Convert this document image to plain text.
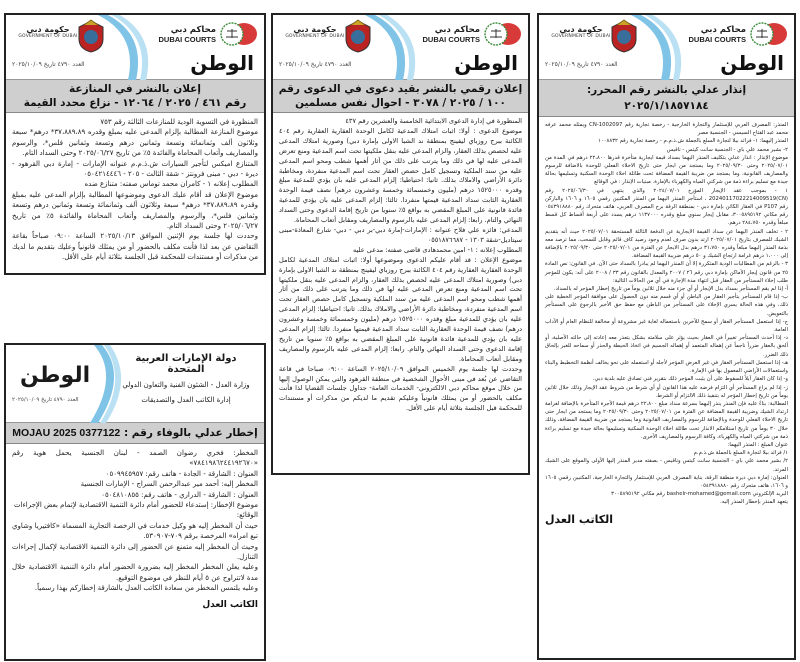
حكومة دبي
GOVERNMENT OF DUBAI
محاكم دبي
DUBAI COURTS
الوطن
العدد ٤٧٩٠ تاريخ ٢٠٢٥/١٠/٠٩
إعلان بالنشر في المنازعة
رقم ٤٦١ / ٢٠٢٥ / ١٢٠٦٤ - نزاع محدد القيمة

المنظورة في التسوية الودية للمنازعات الثالثة رقم ٧٥٣

موضوع المنازعة المطالبة بإلزام المدعى عليه بمبلغ وقدره ٣٧،٨٨٩،٨٩* درهم* سبعة وثلاثون ألف وثمانمائة وتسعة وثمانين درهم وتسعة وثمانين فلس*، والرسوم والمصاريف وأتعاب المحاماة والفائدة ٥٪ من تاريخ ٢٠٢٥/٠٦/٢٧ وحتى السداد التام.

المتنازع اميكس لتأجير السيارات ش.ذ.م.م عنوانه الإمارات - إمارة دبي القرهود - ديرة - دبي - مبنى فرونتز - شقة الثالث - ٢٠٥ - ٠٥٠٤٢١٤٤٤٦

المطلوب إعلانه ١ - كامران محمد توماس صفته: متنازع ضده

موضوع الإعلان قد أقام عليك الدعوى وموضوعها المطالبة بإلزام المدعى عليه بمبلغ وقدره ٣٧،٨٨٩،٨٩* درهم* سبعة وثلاثون ألف وثمانمائة وتسعة وثمانين درهم وتسعة وثمانين فلس*، والرسوم والمصاريف وأتعاب المحاماة والفائدة ٥٪ من تاريخ ٢٠٢٥/٠٦/٢٧ وحتى السداد التام.

وحددت لها جلسة يوم الإثنين الموافق ٢٠٢٥/١٠/١٣ الساعة ٠٩:٠٠ صباحاً بقاعة التقاضي عن بعد لذا فأنت مكلف بالحضور أو من يمثلك قانونياً وعليك بتقديم ما لديك من مذكرات أو مستندات للمحكمة قبل الجلسة بثلاثة أيام على الأقل.

الوطن
العدد ٤٧٩٠ تاريخ ٢٠٢٥/١٠/٠٩
دولة الإمارات العربية المتحدة
وزارة العدل - الشئون الفنية والتعاون الدولي
إدارة الكاتب العدل والتصديقات
إخطار عدلي بالوفاء رقم : MOJAU 2025 0377122

المخطر: فخري رضوان الصمد - لبنان الجنسية يحمل هوية رقم «٧٨٤١٩٨٦٢٤٤١٩٢٦٧٠»

العنوان : الشارقة - الجادة - هاتف رقم: ٠٥٠٩٩٤٥٩٥٧

المخطر إليه: أحمد مير عبدالرحمن السراج - الإمارات الجنسية

العنوان : الشارقة - الدراري - هاتف رقم: ٠٥٠٤٨١٠٨٥٥

موضوع الإخطار: إستدعاء للحضور أمام دائرة التنمية الاقتصادية لإتمام بعض الإجراءات

الوقائع:

حيث أن المخطر إليه هو وكيل خدمات في الرخصة التجارية المسماة «كافتيريا وشاوي تبع امراه» المرخصة برقم ٧٠٩-٥٣٠٩٠٧.

وحيث أن المخطر إليه متمنع عن الحضور إلى دائرة التنمية الاقتصادية لإكمال إجراءات التنازل.

وعليه يعلن المخطر المخطر إليه بضرورة الحضور أمام دائرة التنمية الاقتصادية خلال مدة لاتتراوح عن ٥ أيام للنظر في موضوع التوقيع.

وعليه يلتمس المخطر من سعادة الكاتب العدل بالشارقة إخطاركم بهذا رسمياً.

الكاتب العدل
حكومة دبي
GOVERNMENT OF DUBAI
محاكم دبي
DUBAI COURTS
الوطن
العدد ٤٧٩٠ تاريخ ٢٠٢٥/١٠/٠٩
إعلان رقمي بالنشر بقيد دعوى في الدعوى رقم
١٠٠ / ٢٠٢٥ / ٣٠٧٨ - احوال نفس مسلمين

المنظورة في إدارة الدعوى الابتدائية الخامسة والعشرين رقم ٤٣٧

موضوع الدعوى : أولا: اثبات امتلاك المدعية لكامل الوحدة العقارية العقارية رقم ٤٠٤ الكائنة ببرج روزباي ليفينج بمنطقة ند الشبا الاولى بإمارة دبي) وصورية امتلاك المدعى عليه لحصص بذلك العقار، والزام المدعى عليه بنقل ملكيتها تحت اسم المدعية ومنع تعرض المدعى عليه لها في ذلك وما يترتب على ذلك من آثار أهمها شطب ومحو اسم المدعى عليه من سند الملكية وتسجيل كامل حصص العقار تحت اسم المدعية منفردة، ومخاطبة دائرة الأراضي والاملاك بذلك. ثانيا: احتياطيا: إلزام المدعى عليه بان يؤدي للمدعية مبلغ وقدره ١٥٢٥٠٠٠ درهم (مليون وخمسمائة وخمسة وعشرون درهم) نصف قيمة الوحدة العقارية الثابت سداد المدعية قيمتها منفردا. ثالثا: إلزام المدعى عليه بان يؤدي للمدعية فائدة قانونية على المبلغ المقضي به بواقع ٥٪ سنويا من تاريخ إقامة الدعوى وحتى السداد النهائي والتام. رابعا: إلزام المدعى عليه بالرسوم والمصاريف ومقابل أتعاب المحاماة.

المدعي: فائزه علي فلاح عنوانه : الإمارات-إمارة دبي-بر دبي - دبي- شارع المعاذة-مبنى سيتاديل-شقة ١٣٠٣ - ٠٥٥١٨٧٦٦٨٧

المطلوب إعلانه : ١- امين محمدهادى قاضى صفته: مدعى عليه

موضوع الإعلان : قد أقام عليكم الدعوى وموضوعها أولا: اثبات امتلاك المدعية لكامل الوحدة العقارية العقارية رقم ٤٠٤ الكائنة ببرج روزباي ليفينج بمنطقة ند الشبا الاولى بإمارة دبي) وصورية امتلاك المدعى عليه لحصص بذلك العقار، والزام المدعى عليه بنقل ملكيتها تحت اسم المدعية ومنع تعرض المدعى عليه لها في ذلك وما يترتب على ذلك من آثار أهمها شطب ومحو اسم المدعى عليه من سند الملكية وتسجيل كامل حصص العقار تحت اسم المدعية منفردة، ومخاطبة دائرة الأراضي والاملاك بذلك. ثانيا: احتياطيا: إلزام المدعى عليه بان يؤدي للمدعية مبلغ وقدره ١٥٢٥٠٠٠ درهم (مليون وخمسمائة وخمسة وعشرون درهم) نصف قيمة الوحدة العقارية الثابت سداد المدعية قيمتها منفردا. ثالثا: إلزام المدعى عليه بان يؤدي للمدعية فائدة قانونية على المبلغ المقضي به بواقع ٥٪ سنويا من تاريخ إقامة الدعوى وحتى السداد النهائي والتام. رابعا: إلزام المدعى عليه بالرسوم والمصاريف ومقابل أتعاب المحاماة.

وحددت لها جلسة يوم الخميس الموافق ٢٠٢٥/١٠/٠٩ الساعة ٠٩:٠٠ صباحا في قاعة التقاضي عن بُعد في مبنى الأحوال الشخصية في منطقة القرهود والتي يمكن الوصول إليها من خلال موقع محاكم دبي الالكتروني- الخدمات العامة- جداول جلسات القضايا لذا فأنت مكلف بالحضور أو من يمثلك قانونياً وعليكم تقديم ما لديكم من مذكرات أو مستندات للمحكمة قبل الجلسة بثلاثة أيام على الأقل.

حكومة دبي
GOVERNMENT OF DUBAI
محاكم دبي
DUBAI COURTS
الوطن
العدد ٤٧٩٠ تاريخ ٢٠٢٥/١٠/٠٩
إنذار عدلي بالنشر رقم المحرر: ٢٠٢٥/١/١٨٥٧١٨٤

المنذر: المصرف العربي للإستثمار والتجارة الخارجية - رخصة تجارية رقم CN-1002097 ويمثله محمد عرفه محمد عبد الفتاح السيسي - الجنسية مصر

المنذر إليهما: ١- فرائد بيلا لتجارة السلع بالجملة ش.ذ.م.م - رخصة تجارية رقم ١٠٠٨٨٣٢

٢- بشير محمد علي باي - الجنسية سانت كيتس - ناقيس

موضوع الإنذار : انذار عدلي بتكليف المنذر اليهما بسداد قيمة ايجارية متأخرة قدرها ٢٢،٨٠٠ درهم في المدة من ٢٠٢٥/٠٧/٠١ وحتى ٢٠٢٥/٠٩/٣٠ وما يستجد من ايجار حتى تاريخ الاخلاء الفعلي للوحدة بالاضافة للرسوم والمصاريف القانونية، وما يستجد من ضريبة القيمة المضافة تحت طائلة اخلاء الوحدة السكنية وتسليمها بحالة جيدة مع تسليم براءة ذمة من شركتي المياه والكهرباء بالإمارة. مبنيات الإنذار : في الوقائع

١ - بموجب عقد الإيجار المؤرخ ٢٠٢٤/٠٧/٠١ والذي ينتهي في ٢٠٢٥/٠٦/٣٠ رقم (CN)20240117022214009519 ، استأجر المنذر اليهما من المنذر المكتبين رقمي ١٦٠٥ و ١٦٠٦ والباركن رقم P107 في العقار الكائن بإمارة دبي - بمنطقة الرقة برج المصرف العربي، هاتف متحرك رقم ٠٥٤٣٩١٨٨٨٠ رقم مكاني ٣٠٠٥٨٩٥١٩٢، مقابل إيجار سنوي مبلغ وقدره ١١٣٧٠٠٠ درهم يسدد على أربعة أقساط كل قسط مبلغاً وقدره ٢٨٤،٧٥٠ درهم.

٢ - تخلف المنذر اليهما عن سداد القيمة الايجارية عن الدفعة الثالثة المستحقة ٢٠٢٥/٠٧/٠١ حيث أنه بتقديم الشيك للمصرف بتاريخ ٢٠٢٥/٠٧/٠١ ارتد بدون صرف لعدم وجود رصيد كاف قائم وقابل للسحب، مما ترصد معه بذمة المنذر إليهما مبلغاً وقدره ٣١،٧٥٠ درهم بدل الايجار عن الفترة من ٢٠٢٥/٠٧/٠١ حتى ٢٠٢٥/٠٩/٣٠ بالإضافة إلى ١،٠٠٠ درهم غرامة ارتجاع الشيك و ٥٠ درهم ضريبة القيمة المضافة.

٣ - بالرغم من المطالبات الودية المتكررة إلا أن المنذر اليهما لم يبادرا بالسداد حتى الآن. في القانون: نص المادة ٢٥ من قانون إيجار الأماكن بإمارة دبي رقم ٢٦ / ٢٠٠٧ والمعدل بالقانون رقم ٣٣ / ٢٠٠٨ على أنه: يكون للمؤجر طلب إخلاء المستأجر من العقار قبل انتهاء مدة الإجارة في أي من الحالات التالية:

أ- إذا لم يقم المستأجر بسداد بدل الإيجار أو أي جزء منه خلال ثلاثين يوماً من تاريخ إخطار المؤجر له بالسداد.

ب- إذا قام المستأجر بتأجير العقار من الباطن أو أي قسم منه دون الحصول على موافقة المؤجر الخطية على ذلك، وفي هذه الحالة يسري الإخلاء على المستأجر من الباطن مع حفظ حق الأخير بالرجوع على المستأجر بالتعويض.

ج- إذا استعمل المستأجر العقار أو سمح للآخرين باستعماله لغاية غير مشروعة أو مخالفة للنظام العام أو الآداب العامة.

د- إذا أحدث المستأجر تغييراً في العقار بحيث يؤثر على سلامته بشكل يتعذر معه إعادته إلى حالته الأصلية، أو ألحق بالعقار ضرراً ناجماً عن إهماله المتعمد أو إهماله الجسيم في اتخاذ الحيطة والحذر أو سماحه للغير بإلحاق ذلك الضرر.

هـ- إذا استعمل المستأجر العقار في غير الغرض المؤجر لأجله أو استعمله على نحو يخالف أنظمة التخطيط والبناء واستعمالات الأراضي المعمول بها في الإمارة.

و- إذا كان العقار آيلاً للسقوط على أن يثبت المؤجر ذلك بتقرير فني تصادق عليه بلدية دبي.

ز- إذا لم يراع المستأجر أي التزام فرضه عليه هذا القانون أو أي شرط من شروط عقد الإيجار وذلك خلال ثلاثين يوماً من تاريخ إخطار المؤجر له بتنفيذ ذلك الالتزام أو الشرط.

المطالبة: بناءً عليه فإن المنذر ينذر إليهما بسرعة سداد مبلغ ٢٢،٨٠٠ درهم قيمة الأجرة المتأخرة بالإضافة لغرامة ارتداد الشيك وضريبة القيمة المضافة عن الفترة من ٢٠٢٥/٠٧/٠١ وحتى ٢٠٢٥/٠٩/٣٠ وما يستجد من ايجار حتى تاريخ الاخلاء الفعلي للوحدة وبالإضافة للرسوم والمصاريف القانونية وما يستجد من ضريبة القيمة المضافة، وذلك خلال ٣٠ يوماً من تاريخ استلامكم الانذار تحت طائلة اخلاء الوحدة السكنية وتسليمها بحالة جيدة مع تسليم براءة ذمة من شركتي المياه والكهرباء، وكافة الرسوم والمصاريف الأخرى.

عنوان المبلغ : المنذر اليهما:

١/ فرائد بيلا لتجارة السلع بالجملة ش.ذ.م.م

٢/ بشير محمد علي باي - الجنسية سانت كيتس وناقيس - بصفته مدير المنذر إليها الأولى والموقع على الشيك المرتد.

العنوان: إمارة دبي ديرة منطقة الرقة، بناية المصرف العربي للإستثمار والتجارة الخارجية، المكتبين رقمي ١٦٠٥ و ١٦٠٦، هاتف متحرك رقم ٠٥٤٣٩١٨٨٨٠

البريد الإلكتروني bashelr-mohamed@gemail.com رقم مكاني ٣٠٠٥٨٩٥١٩٢

يتعهد المنذر بإخطار المنذر إليه.

الكاتب العدل
